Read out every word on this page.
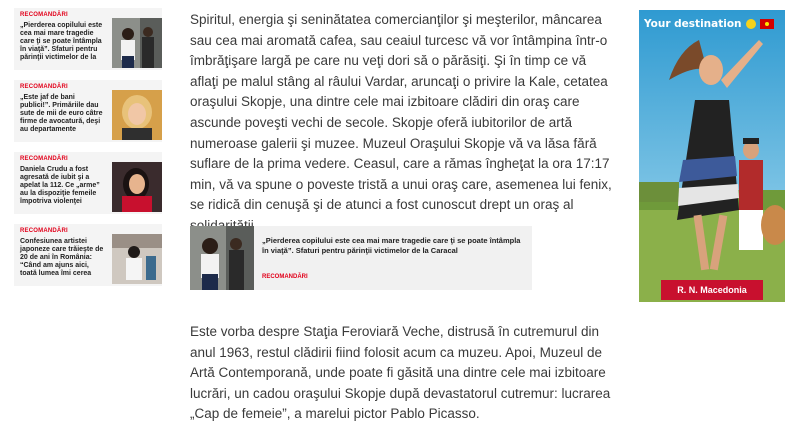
RECOMANDĂRI
„Pierderea copilului este cea mai mare tragedie care ţi se poate întâmpla în viaţă”. Sfaturi pentru părinţii victimelor de la
RECOMANDĂRI
„Este jaf de bani publici!”. Primăriile dau sute de mii de euro câtre firme de avocatură, deşi au departamente
RECOMANDĂRI
Daniela Crudu a fost agresată de iubit şi a apelat la 112. Ce „arme” au la dispoziţie femeile împotriva violenţei
RECOMANDĂRI
Confesiunea artistei japoneze care trăieşte de 20 de ani în România: “Când am ajuns aici, toată lumea îmi cerea

Spiritul, energia şi seninătatea comercianţilor şi meşterilor, mâncarea sau cea mai aromată cafea, sau ceaiul turcesc vă vor întâmpina într-o îmbrăţişare largă pe care nu veţi dori să o părăsiţi. Şi în timp ce vă aflaţi pe malul stâng al râului Vardar, aruncaţi o privire la Kale, cetatea oraşului Skopje, una dintre cele mai izbitoare clădiri din oraş care ascunde poveşti vechi de secole. Skopje oferă iubitorilor de artă numeroase galerii şi muzee. Muzeul Oraşului Skopje vă va lăsa fără suflare de la prima vedere. Ceasul, care a rămas îngheţat la ora 17:17 min, vă va spune o poveste tristă a unui oraş care, asemenea lui fenix, se ridică din cenuşă şi de atunci a fost cunoscut drept un oraş al

„Pierderea copilului este cea mai mare tragedie care ţi se poate întâmpla în viaţă”. Sfaturi pentru părinţii victimelor de la Caracal
RECOMANDĂRI

Este vorba despre Staţia Feroviară Veche, distrusă în cutremurul din anul 1963, restul clădirii fiind folosit acum ca muzeu. Apoi, Muzeul de Artă Contemporană, unde poate fi găsită una dintre cele mai izbitoare lucrări, un cadou oraşului Skopje după devastatorul cutremur: lucrarea „Cap de femeie”, a marelui pictor Pablo Picasso.

Your destination
R. N. Macedonia
